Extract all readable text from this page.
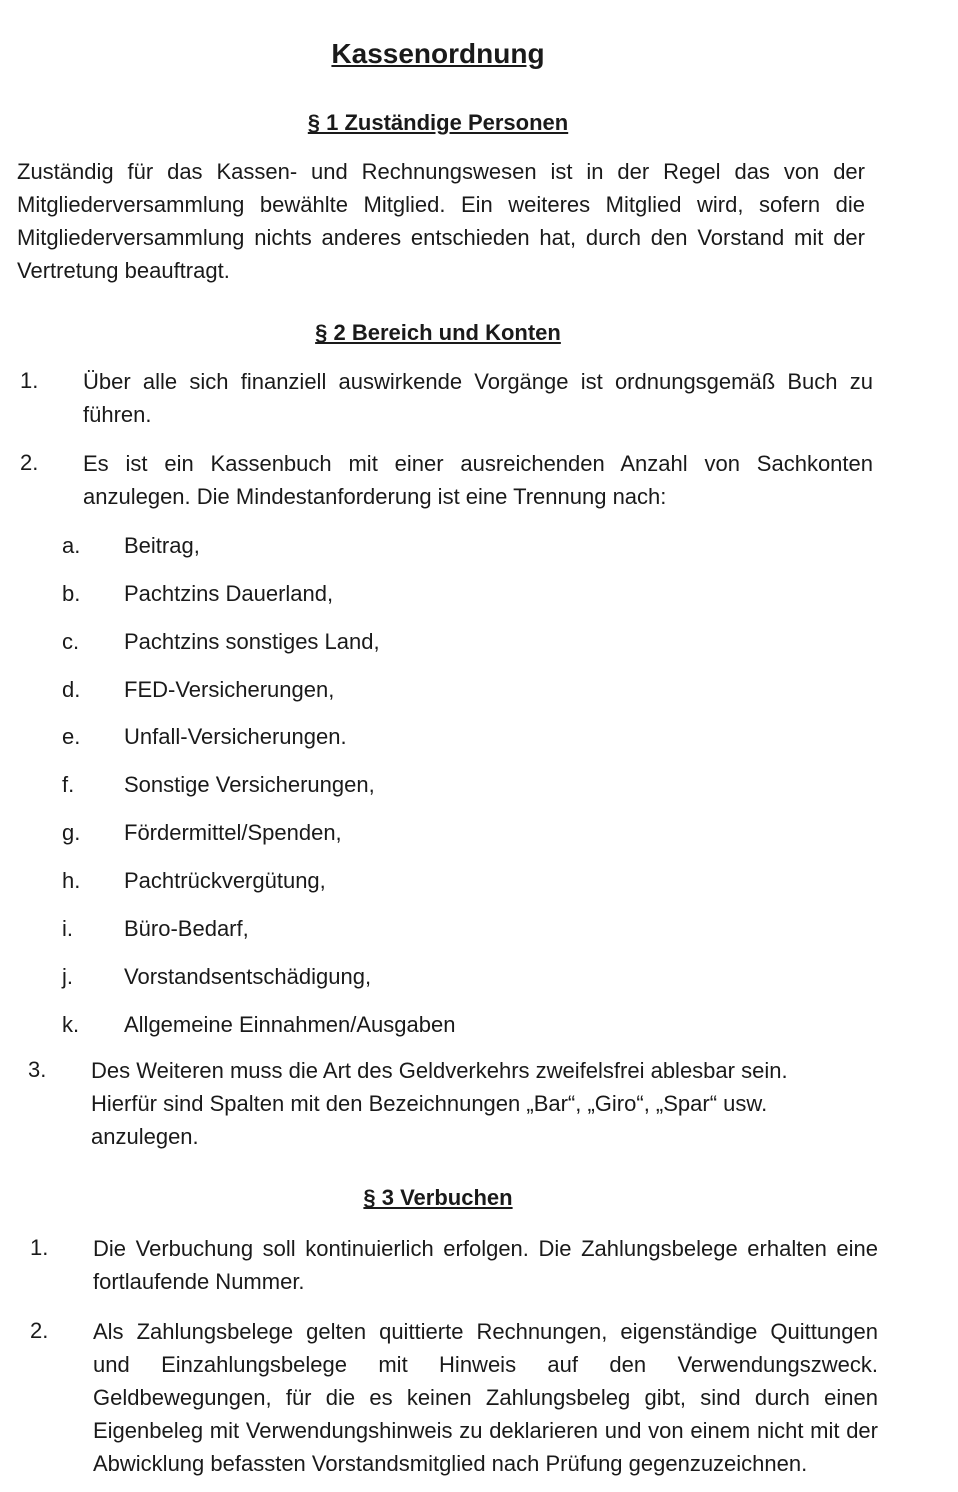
Kassenordnung
§ 1 Zuständige Personen
Zuständig für das Kassen- und Rechnungswesen ist in der Regel das von der Mitgliederversammlung bewählte Mitglied. Ein weiteres Mitglied wird, sofern die Mitgliederversammlung nichts anderes entschieden hat, durch den Vorstand mit der Vertretung beauftragt.
§ 2 Bereich und Konten
1. Über alle sich finanziell auswirkende Vorgänge ist ordnungsgemäß Buch zu führen.
2. Es ist ein Kassenbuch mit einer ausreichenden Anzahl von Sachkonten anzulegen. Die Mindestanforderung ist eine Trennung nach:
a. Beitrag,
b. Pachtzins Dauerland,
c. Pachtzins sonstiges Land,
d. FED-Versicherungen,
e. Unfall-Versicherungen.
f. Sonstige Versicherungen,
g. Fördermittel/Spenden,
h. Pachtrückvergütung,
i. Büro-Bedarf,
j. Vorstandsentschädigung,
k. Allgemeine Einnahmen/Ausgaben
3. Des Weiteren muss die Art des Geldverkehrs zweifelsfrei ablesbar sein. Hierfür sind Spalten mit den Bezeichnungen „Bar“, „Giro“, „Spar“ usw. anzulegen.
§ 3 Verbuchen
1. Die Verbuchung soll kontinuierlich erfolgen. Die Zahlungsbelege erhalten eine fortlaufende Nummer.
2. Als Zahlungsbelege gelten quittierte Rechnungen, eigenständige Quittungen und Einzahlungsbelege mit Hinweis auf den Verwendungszweck. Geldbewegungen, für die es keinen Zahlungsbeleg gibt, sind durch einen Eigenbeleg mit Verwendungshinweis zu deklarieren und von einem nicht mit der Abwicklung befassten Vorstandsmitglied nach Prüfung gegenzuzeichnen.
